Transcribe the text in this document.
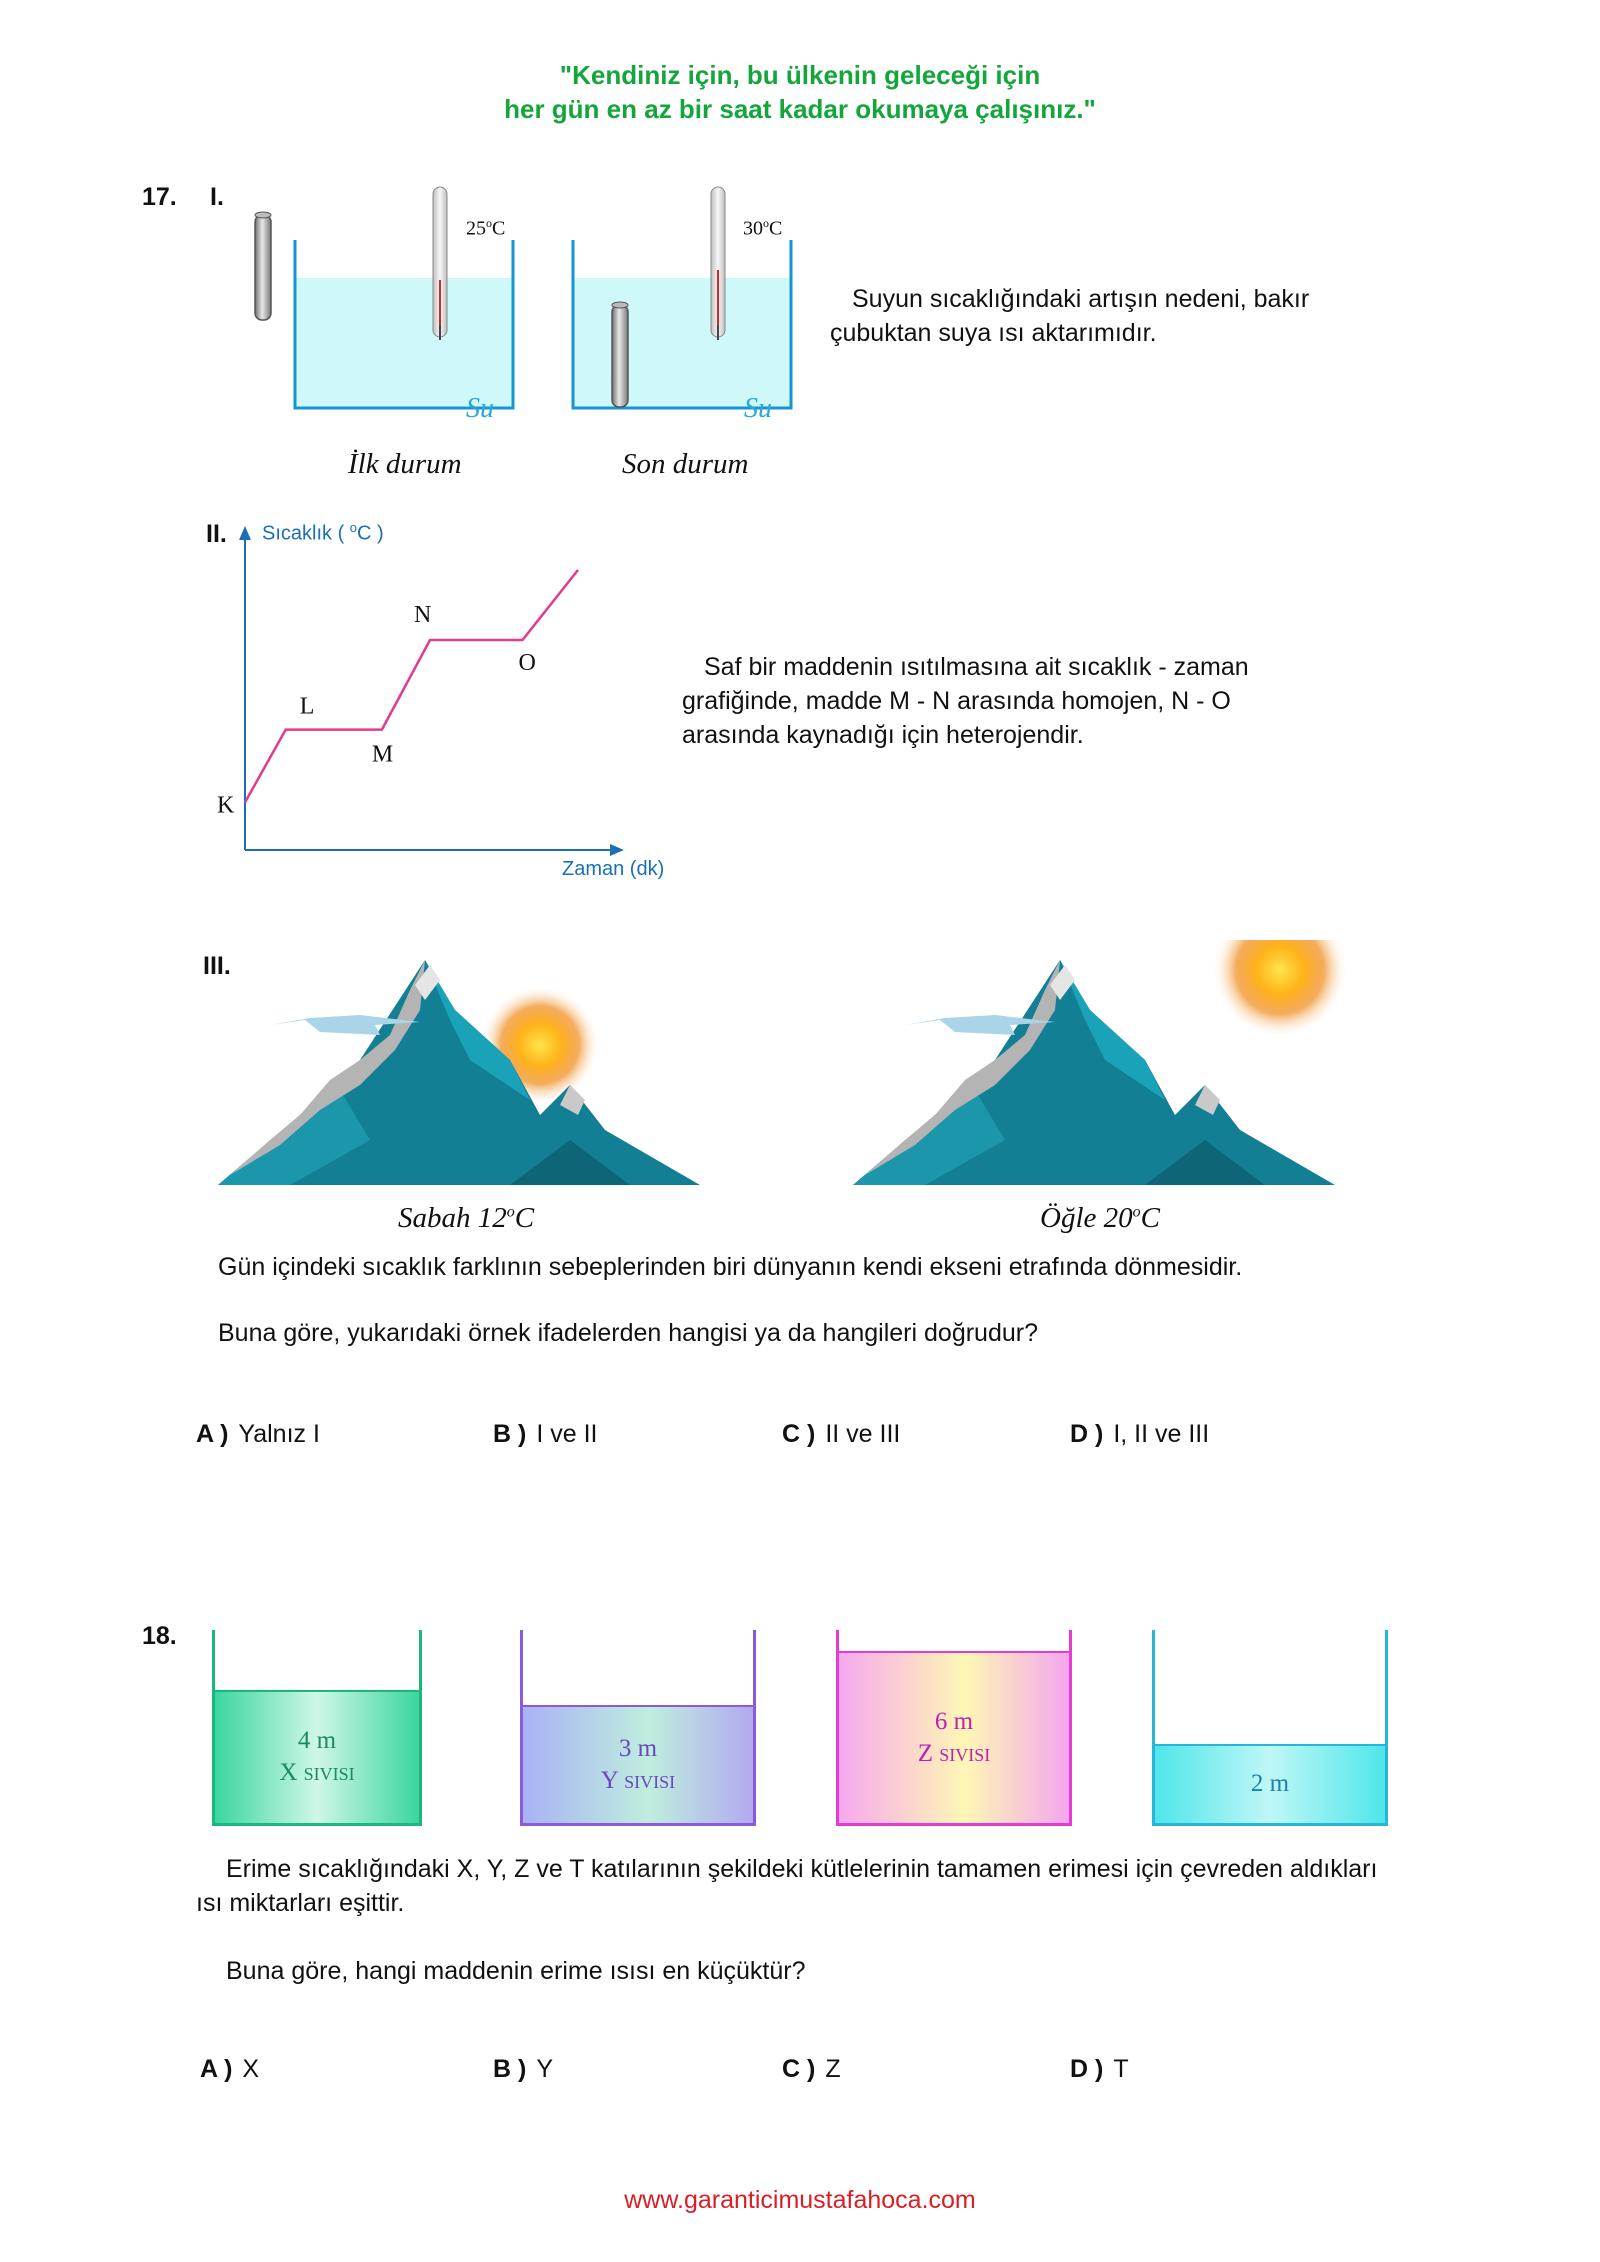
"Kendiniz için, bu ülkenin geleceği için
her gün en az bir saat kadar okumaya çalışınız."
17. I.
25$^o$C	30$^o$C
Su	Su
İlk durum	Son durum
Suyun sıcaklığındaki artışın nedeni, bakır çubuktan suya ısı aktarımıdır.
II. Sıcaklık ( $^o$C )
Zaman (dk)
K
L
M
N
O	Saf bir maddenin ısıtılmasına ait sıcaklık - zaman grafiğinde, madde M - N arasında homojen, N - O arasında kaynadığı için heterojendir.
III.
Sabah 12$^o$C	Öğle 20$^o$C
Gün içindeki sıcaklık farklının sebeplerinden biri dünyanın kendi ekseni etrafında dönmesidir.
Buna göre, yukarıdaki örnek ifadelerden hangisi ya da hangileri doğrudur?
A ) Yalnız I	B ) I ve II	C ) II ve III	D ) I, II ve III
18.
4 m
X sıvısı
3 m
Y sıvısı
6 m
Z sıvısı
2 m
Erime sıcaklığındaki X, Y, Z ve T katılarının şekildeki kütlelerinin tamamen erimesi için çevreden aldıkları ısı miktarları eşittir.
Buna göre, hangi maddenin erime ısısı en küçüktür?
A ) X	B ) Y	C ) Z	D ) T
www.garanticimustafahoca.com
